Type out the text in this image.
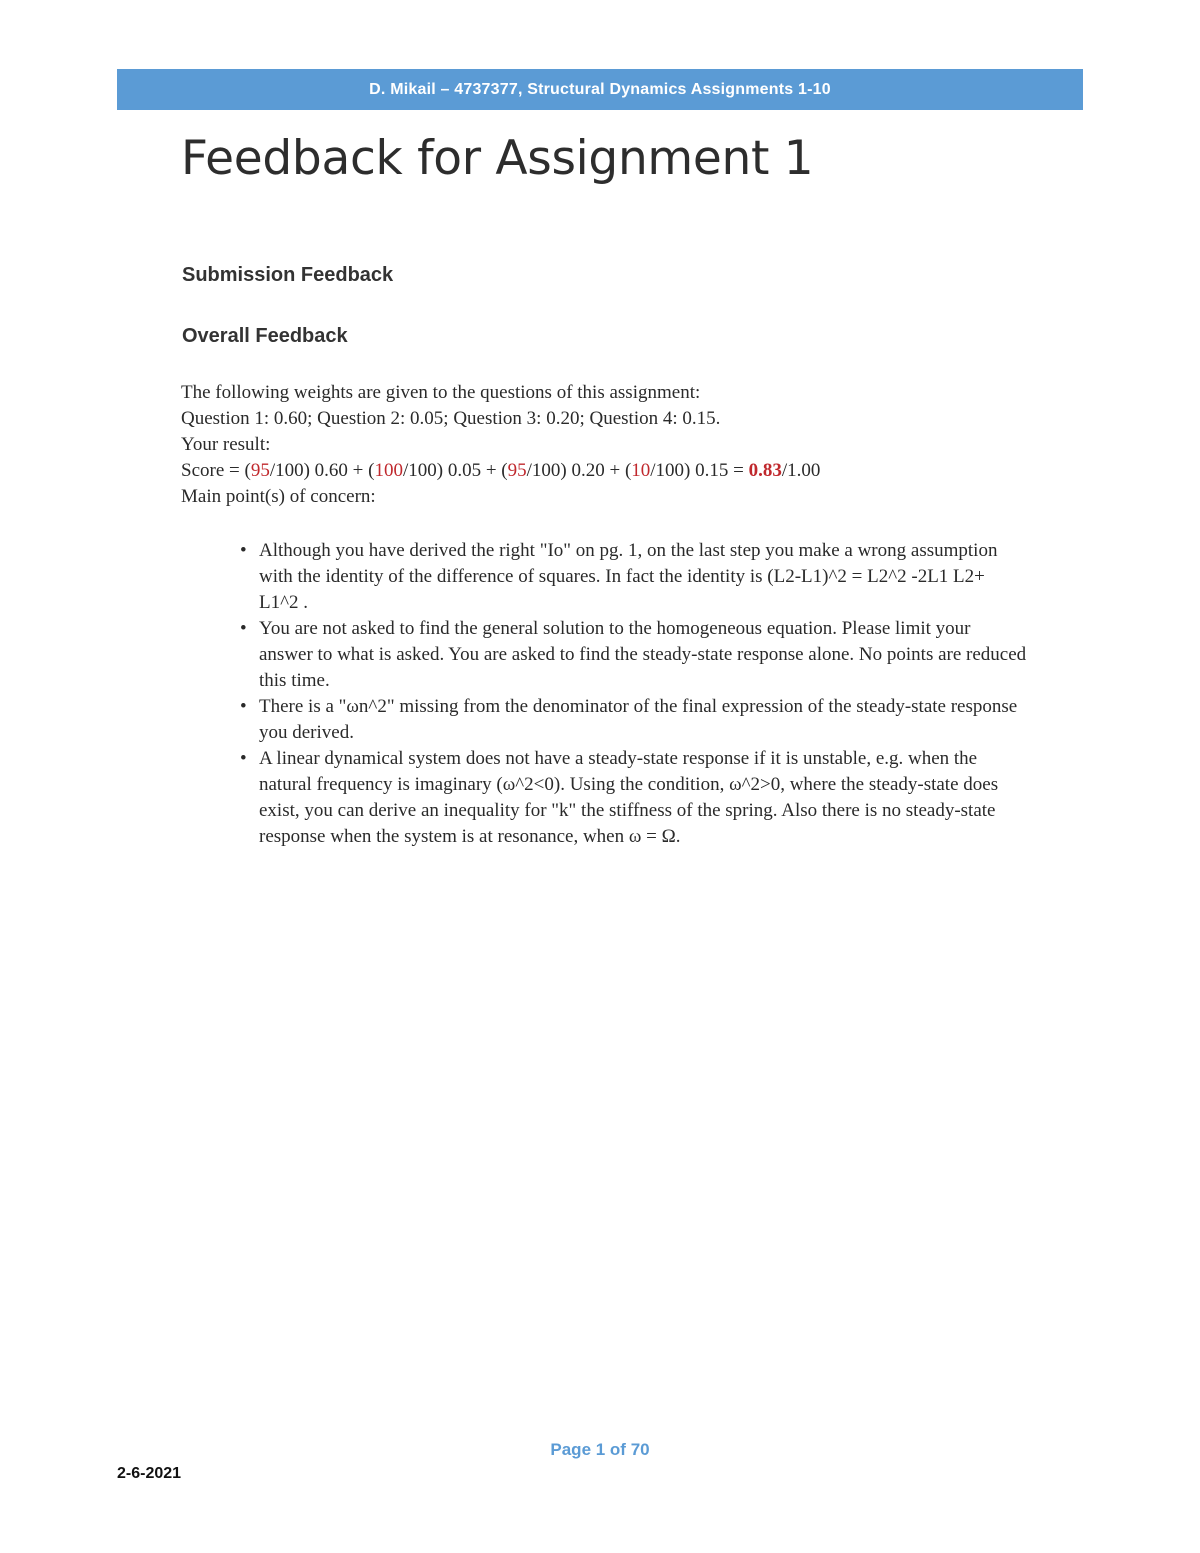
D. Mikail – 4737377, Structural Dynamics Assignments 1-10
Feedback for Assignment 1
Submission Feedback
Overall Feedback

The following weights are given to the questions of this assignment:

Question 1: 0.60; Question 2: 0.05; Question 3: 0.20; Question 4: 0.15.

Your result:

Score = (95/100) 0.60 + (100/100) 0.05 + (95/100) 0.20 + (10/100) 0.15 = 0.83/1.00

Main point(s) of concern:

• Although you have derived the right "Io" on pg. 1, on the last step you make a wrong assumption with the identity of the difference of squares. In fact the identity is (L2-L1)^2 = L2^2 -2L1 L2+ L1^2 .
• You are not asked to find the general solution to the homogeneous equation. Please limit your answer to what is asked. You are asked to find the steady-state response alone. No points are reduced this time.
• There is a "ωn^2" missing from the denominator of the final expression of the steady-state response you derived.
• A linear dynamical system does not have a steady-state response if it is unstable, e.g. when the natural frequency is imaginary (ω^2<0). Using the condition, ω^2>0, where the steady-state does exist, you can derive an inequality for "k" the stiffness of the spring. Also there is no steady-state response when the system is at resonance, when ω = Ω.
Page 1 of 70
2-6-2021
